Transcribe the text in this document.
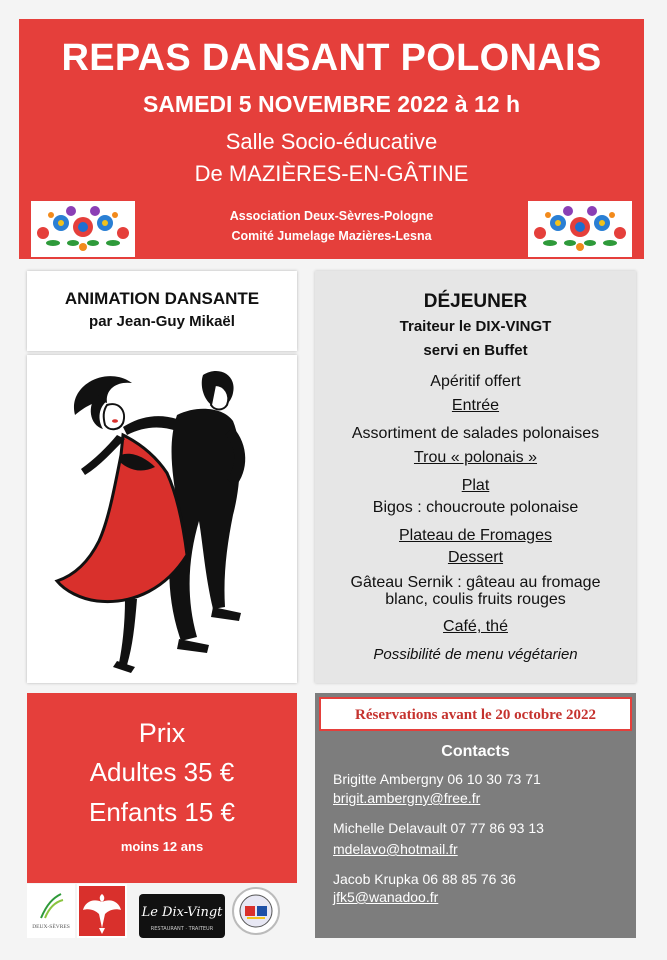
REPAS DANSANT POLONAIS
SAMEDI 5 NOVEMBRE 2022 à 12 h
Salle Socio-éducative
De MAZIÈRES-EN-GÂTINE
Association Deux-Sèvres-Pologne
Comité Jumelage Mazières-Lesna
ANIMATION DANSANTE
par Jean-Guy Mikaël
DÉJEUNER
Traiteur le DIX-VINGT
servi en Buffet
Apéritif offert
Entrée
Assortiment de salades polonaises
Trou « polonais »
Plat
Bigos : choucroute polonaise
Plateau de Fromages
Dessert
Gâteau Sernik : gâteau au fromage
blanc, coulis fruits rouges
Café, thé
Possibilité de menu végétarien
Prix
Adultes 35 €
Enfants 15 €
moins 12 ans
DEUX-SÈVRES
Le Dix-Vingt
RESTAURANT · TRAITEUR
Réservations avant le 20 octobre 2022
Contacts
Brigitte Ambergny 06 10 30 73 71
brigit.ambergny@free.fr
Michelle Delavault 07 77 86 93 13
mdelavo@hotmail.fr
Jacob Krupka 06 88 85 76 36
jfk5@wanadoo.fr
